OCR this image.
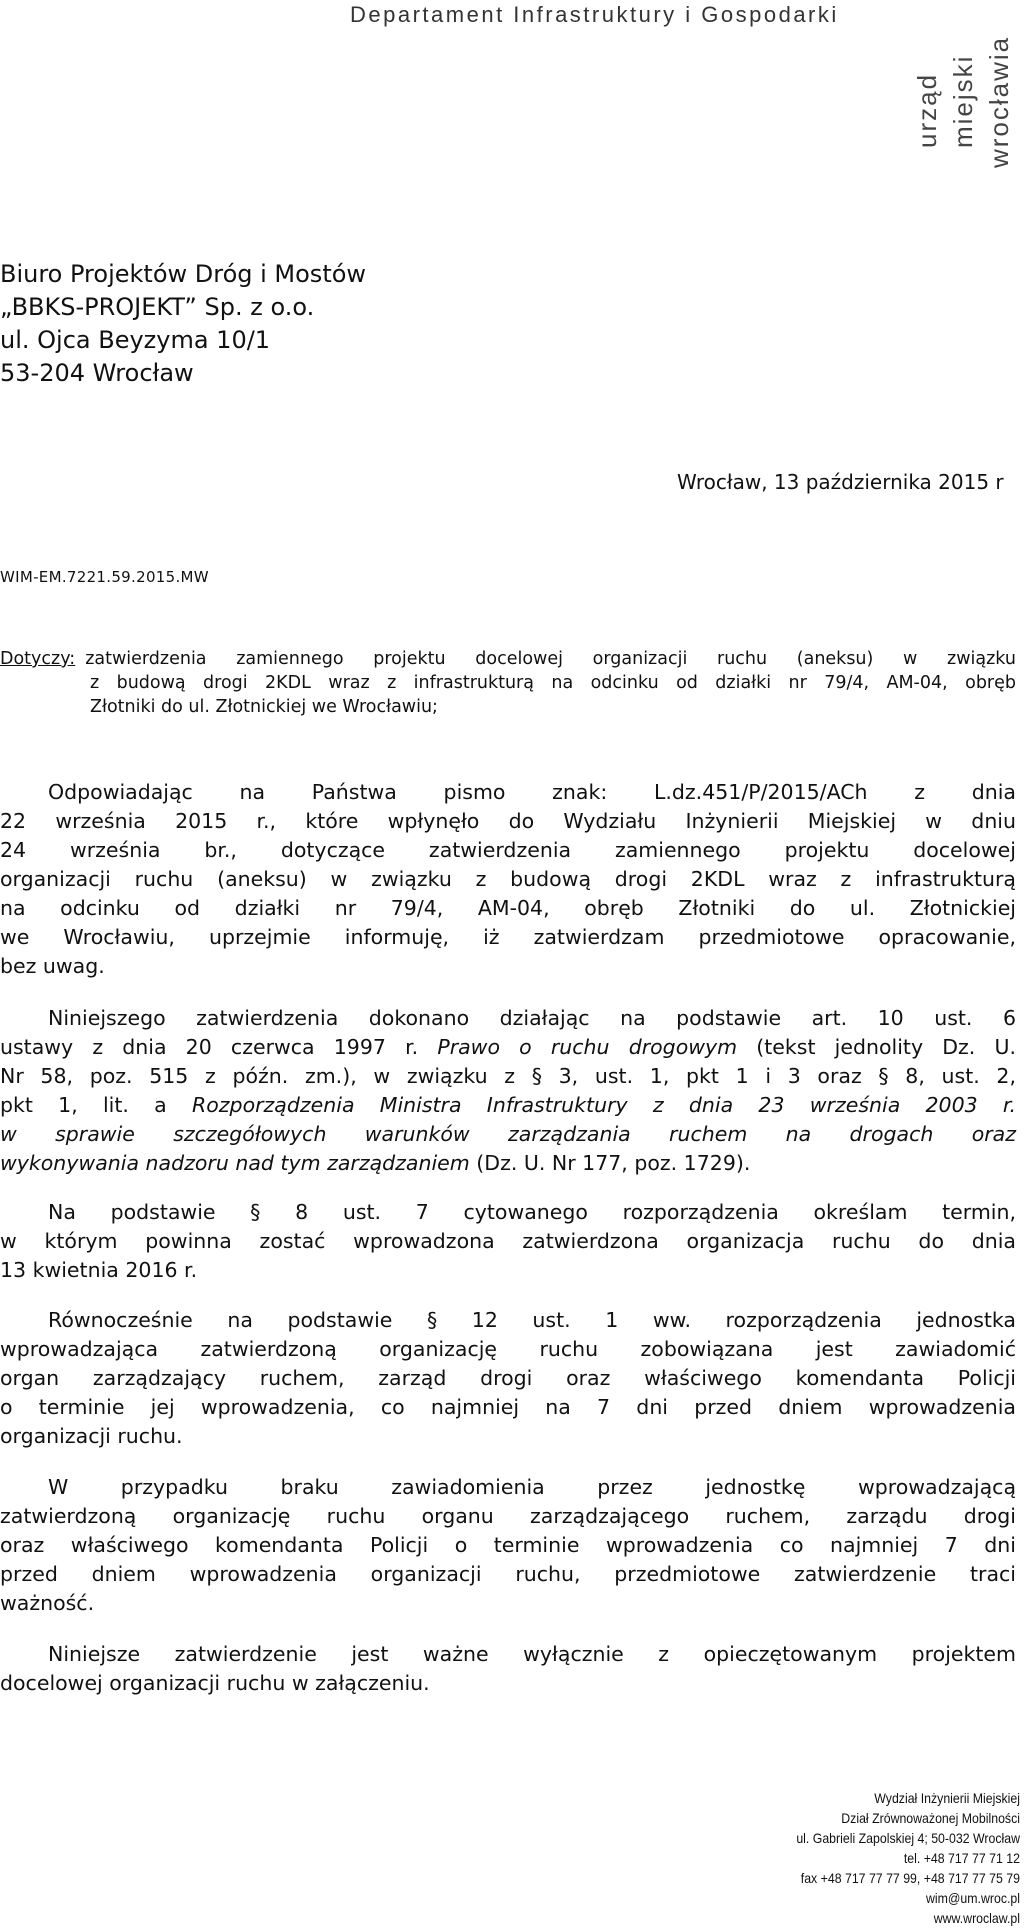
Departament Infrastruktury i Gospodarki
urząd miejski wrocławia
Biuro Projektów Dróg i Mostów
„BBKS-PROJEKT” Sp. z o.o.
ul. Ojca Beyzyma 10/1
53-204 Wrocław
Wrocław, 13 października 2015 r
WIM-EM.7221.59.2015.MW
Dotyczy: zatwierdzenia zamiennego projektu docelowej organizacji ruchu (aneksu) w związku
z budową drogi 2KDL wraz z infrastrukturą na odcinku od działki nr 79/4, AM-04, obręb
Złotniki do ul. Złotnickiej we Wrocławiu;
Odpowiadając na Państwa pismo znak: L.dz.451/P/2015/ACh z dnia
22 września 2015 r., które wpłynęło do Wydziału Inżynierii Miejskiej w dniu
24 września br., dotyczące zatwierdzenia zamiennego projektu docelowej
organizacji ruchu (aneksu) w związku z budową drogi 2KDL wraz z infrastrukturą
na odcinku od działki nr 79/4, AM-04, obręb Złotniki do ul. Złotnickiej
we Wrocławiu, uprzejmie informuję, iż zatwierdzam przedmiotowe opracowanie,
bez uwag.
Niniejszego zatwierdzenia dokonano działając na podstawie art. 10 ust. 6
ustawy z dnia 20 czerwca 1997 r. Prawo o ruchu drogowym (tekst jednolity Dz. U.
Nr 58, poz. 515 z późn. zm.), w związku z § 3, ust. 1, pkt 1 i 3 oraz § 8, ust. 2,
pkt 1, lit. a Rozporządzenia Ministra Infrastruktury z dnia 23 września 2003 r.
w sprawie szczegółowych warunków zarządzania ruchem na drogach oraz
wykonywania nadzoru nad tym zarządzaniem (Dz. U. Nr 177, poz. 1729).
Na podstawie § 8 ust. 7 cytowanego rozporządzenia określam termin,
w którym powinna zostać wprowadzona zatwierdzona organizacja ruchu do dnia
13 kwietnia 2016 r.
Równocześnie na podstawie § 12 ust. 1 ww. rozporządzenia jednostka
wprowadzająca zatwierdzoną organizację ruchu zobowiązana jest zawiadomić
organ zarządzający ruchem, zarząd drogi oraz właściwego komendanta Policji
o terminie jej wprowadzenia, co najmniej na 7 dni przed dniem wprowadzenia
organizacji ruchu.
W przypadku braku zawiadomienia przez jednostkę wprowadzającą
zatwierdzoną organizację ruchu organu zarządzającego ruchem, zarządu drogi
oraz właściwego komendanta Policji o terminie wprowadzenia co najmniej 7 dni
przed dniem wprowadzenia organizacji ruchu, przedmiotowe zatwierdzenie traci
ważność.
Niniejsze zatwierdzenie jest ważne wyłącznie z opieczętowanym projektem
docelowej organizacji ruchu w załączeniu.
Wydział Inżynierii Miejskiej
Dział Zrównoważonej Mobilności
ul. Gabrieli Zapolskiej 4; 50-032 Wrocław
tel. +48 717 77 71 12
fax +48 717 77 77 99, +48 717 77 75 79
wim@um.wroc.pl
www.wroclaw.pl
